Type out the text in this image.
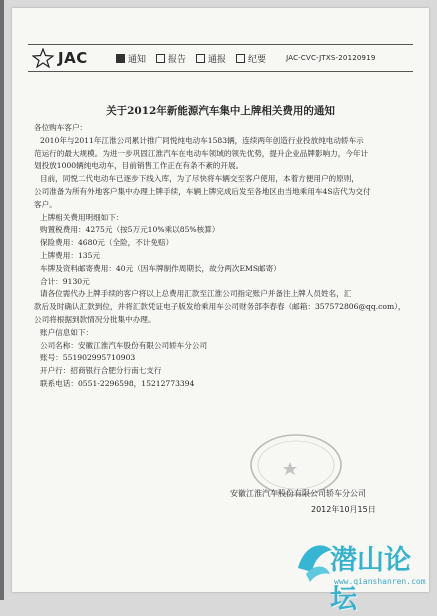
JAC	通知 报告 通报 纪要	JAC-CVC-JTXS-20120919
关于2012年新能源汽车集中上牌相关费用的通知

各位购车客户：

2010年与2011年江淮公司累计推广同悦纯电动车1583辆，连续两年创造行业投放纯电动轿车示

范运行的最大规模。为进一步巩固江淮汽车在电动车领域的领先优势，提升企业品牌影响力，今年计

划投放1000辆纯电动车，目前销售工作正在有条不紊的开展。

目前，同悦二代电动车已逐步下线入库，为了尽快将车辆交至客户使用，本着方便用户的原则，

公司准备为所有外地客户集中办理上牌手续，车辆上牌完成后发至各地区由当地乘用车4S店代为交付

客户。

上牌相关费用明细如下：

购置税费用：4275元（按5万元10%乘以85%核算）

保险费用：4680元（全险，不计免赔）

上牌费用：135元

车牌及资料邮寄费用：40元（因车牌制作周期长，故分两次EMS邮寄）

合计：9130元

请各位需代办上牌手续的客户将以上总费用汇款至江淮公司指定账户并备注上牌人员姓名，汇

款后及时确认汇款到位，并将汇款凭证电子版发给乘用车公司财务部李春春（邮箱：357572806@qq.com），

公司将根据到款情况分批集中办理。

账户信息如下：

公司名称：安徽江淮汽车股份有限公司轿车分公司

账号：551902995710903

开户行：招商银行合肥分行南七支行

联系电话：0551-2296598，15212773394

安徽江淮汽车股份有限公司轿车分公司
2012年10月15日
潜山论坛
www.qianshanren.com
